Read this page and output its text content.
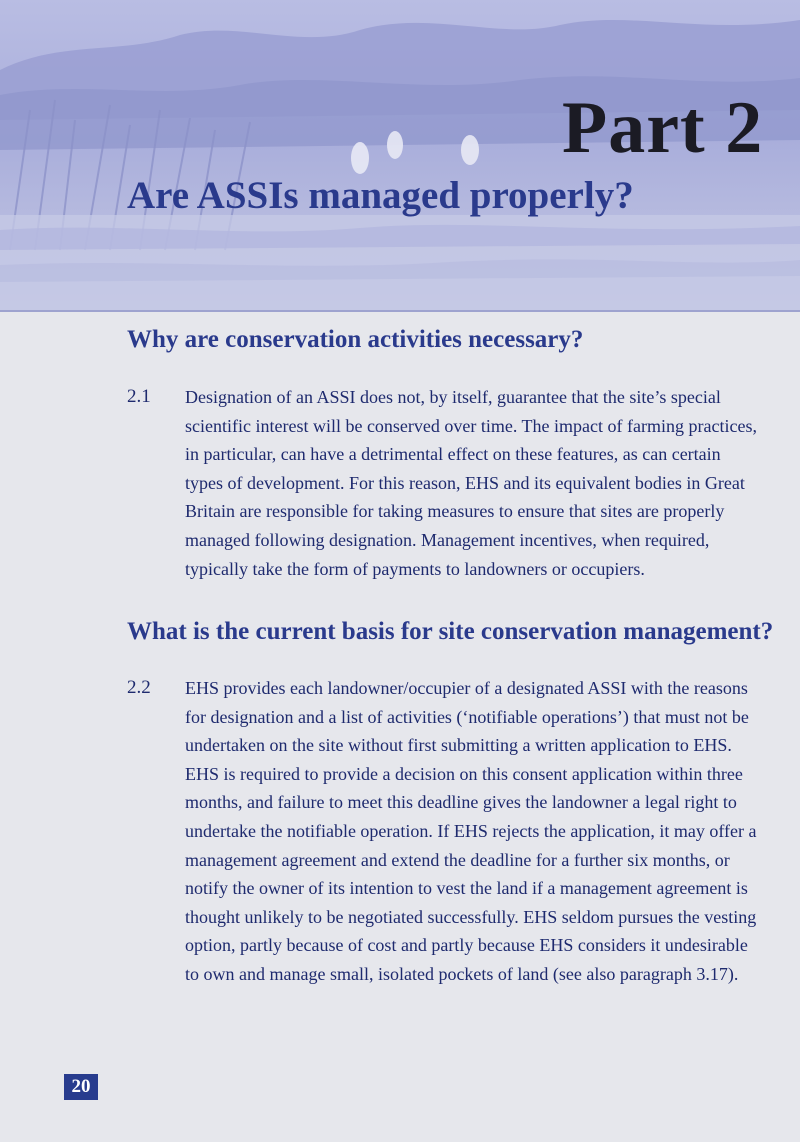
Part 2
Are ASSIs managed properly?
Why are conservation activities necessary?
2.1 Designation of an ASSI does not, by itself, guarantee that the site’s special
scientific interest will be conserved over time. The impact of farming practices,
in particular, can have a detrimental effect on these features, as can certain
types of development. For this reason, EHS and its equivalent bodies in Great
Britain are responsible for taking measures to ensure that sites are properly
managed following designation. Management incentives, when required,
typically take the form of payments to landowners or occupiers.
What is the current basis for site conservation management?
2.2 EHS provides each landowner/occupier of a designated ASSI with the reasons
for designation and a list of activities (‘notifiable operations’) that must not be
undertaken on the site without first submitting a written application to EHS.
EHS is required to provide a decision on this consent application within three
months, and failure to meet this deadline gives the landowner a legal right to
undertake the notifiable operation. If EHS rejects the application, it may offer a
management agreement and extend the deadline for a further six months, or
notify the owner of its intention to vest the land if a management agreement is
thought unlikely to be negotiated successfully. EHS seldom pursues the vesting
option, partly because of cost and partly because EHS considers it undesirable
to own and manage small, isolated pockets of land (see also paragraph 3.17).
20
